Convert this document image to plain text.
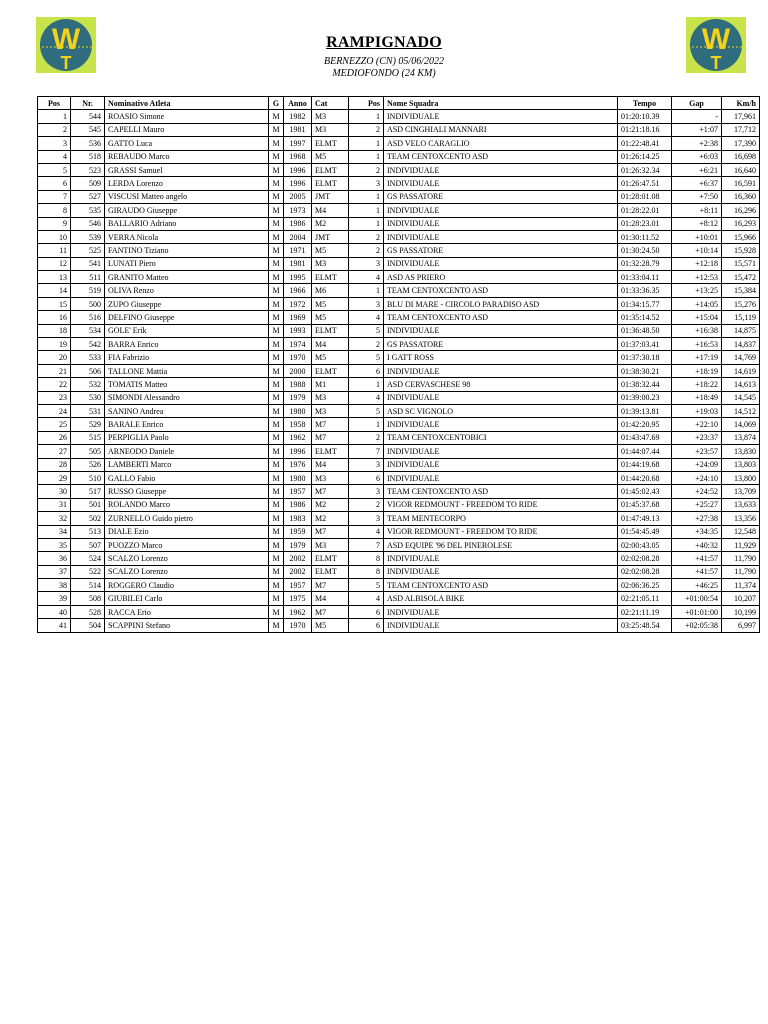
W
T
W
T
RAMPIGNADO
BERNEZZO (CN) 05/06/2022
MEDIOFONDO (24 KM)
Pos	Nr.	Nominativo Atleta	G	Anno	Cat	Pos	Nome Squadra	Tempo	Gap	Km/h
1	544	ROASIO Simone	M	1982	M3	1	INDIVIDUALE	01:20:10.39	-	17,961
2	545	CAPELLI Mauro	M	1981	M3	2	ASD CINGHIALI MANNARI	01:21:18.16	+1:07	17,712
3	536	GATTO Luca	M	1997	ELMT	1	ASD VELO CARAGLIO	01:22:48.41	+2:38	17,390
4	518	REBAUDO Marco	M	1968	M5	1	TEAM CENTOXCENTO ASD	01:26:14.25	+6:03	16,698
5	523	GRASSI Samuel	M	1996	ELMT	2	INDIVIDUALE	01:26:32.34	+6:21	16,640
6	509	LERDA Lorenzo	M	1996	ELMT	3	INDIVIDUALE	01:26:47.51	+6:37	16,591
7	527	VISCUSI Matteo angelo	M	2005	JMT	1	GS PASSATORE	01:28:01.08	+7:50	16,360
8	535	GIRAUDO Giuseppe	M	1973	M4	1	INDIVIDUALE	01:28:22.01	+8:11	16,296
9	546	BALLARIO Adriano	M	1986	M2	1	INDIVIDUALE	01:28:23.01	+8:12	16,293
10	539	VERRA Nicola	M	2004	JMT	2	INDIVIDUALE	01:30:11.52	+10:01	15,966
11	525	FANTINO Tiziano	M	1971	M5	2	GS PASSATORE	01:30:24.50	+10:14	15,928
12	541	LUNATI Piero	M	1981	M3	3	INDIVIDUALE	01:32:28.79	+12:18	15,571
13	511	GRANITO Matteo	M	1995	ELMT	4	ASD AS PRIERO	01:33:04.11	+12:53	15,472
14	519	OLIVA Renzo	M	1966	M6	1	TEAM CENTOXCENTO ASD	01:33:36.35	+13:25	15,384
15	500	ZUPO Giuseppe	M	1972	M5	3	BLU DI MARE - CIRCOLO PARADISO ASD	01:34:15.77	+14:05	15,276
16	516	DELFINO Giuseppe	M	1969	M5	4	TEAM CENTOXCENTO ASD	01:35:14.52	+15:04	15,119
18	534	GOLE' Erik	M	1993	ELMT	5	INDIVIDUALE	01:36:48.50	+16:38	14,875
19	542	BARRA Enrico	M	1974	M4	2	GS PASSATORE	01:37:03.41	+16:53	14,837
20	533	FIA Fabrizio	M	1970	M5	5	I GATT ROSS	01:37:30.18	+17:19	14,769
21	506	TALLONE Mattia	M	2000	ELMT	6	INDIVIDUALE	01:38:30.21	+18:19	14,619
22	532	TOMATIS Matteo	M	1988	M1	1	ASD CERVASCHESE 98	01:38:32.44	+18:22	14,613
23	530	SIMONDI Alessandro	M	1979	M3	4	INDIVIDUALE	01:39:00.23	+18:49	14,545
24	531	SANINO Andrea	M	1980	M3	5	ASD SC VIGNOLO	01:39:13.81	+19:03	14,512
25	529	BARALE Enrico	M	1958	M7	1	INDIVIDUALE	01:42:20.95	+22:10	14,069
26	515	PERPIGLIA Paolo	M	1962	M7	2	TEAM CENTOXCENTOBICI	01:43:47.69	+23:37	13,874
27	505	ARNEODO Daniele	M	1996	ELMT	7	INDIVIDUALE	01:44:07.44	+23:57	13,830
28	526	LAMBERTI Marco	M	1976	M4	3	INDIVIDUALE	01:44:19.68	+24:09	13,803
29	510	GALLO Fabio	M	1980	M3	6	INDIVIDUALE	01:44:20.68	+24:10	13,800
30	517	RUSSO Giuseppe	M	1957	M7	3	TEAM CENTOXCENTO ASD	01:45:02.43	+24:52	13,709
31	501	ROLANDO Marco	M	1986	M2	2	VIGOR REDMOUNT - FREEDOM TO RIDE	01:45:37.68	+25:27	13,633
32	502	ZURNELLO Guido pietro	M	1983	M2	3	TEAM MENTECORPO	01:47:49.13	+27:38	13,356
34	513	DIALE Ezio	M	1959	M7	4	VIGOR REDMOUNT - FREEDOM TO RIDE	01:54:45.49	+34:35	12,548
35	507	PUOZZO Marco	M	1979	M3	7	ASD EQUIPE '96 DEL PINEROLESE	02:00:43.05	+40:32	11,929
36	524	SCALZO Lorenzo	M	2002	ELMT	8	INDIVIDUALE	02:02:08.28	+41:57	11,790
37	522	SCALZO Lorenzo	M	2002	ELMT	8	INDIVIDUALE	02:02:08.28	+41:57	11,790
38	514	ROGGERO Claudio	M	1957	M7	5	TEAM CENTOXCENTO ASD	02:06:36.25	+46:25	11,374
39	508	GIUBILEI Carlo	M	1975	M4	4	ASD ALBISOLA BIKE	02:21:05.11	+01:00:54	10,207
40	528	RACCA Erio	M	1962	M7	6	INDIVIDUALE	02:21:11.19	+01:01:00	10,199
41	504	SCAPPINI Stefano	M	1970	M5	6	INDIVIDUALE	03:25:48.54	+02:05:38	6,997
